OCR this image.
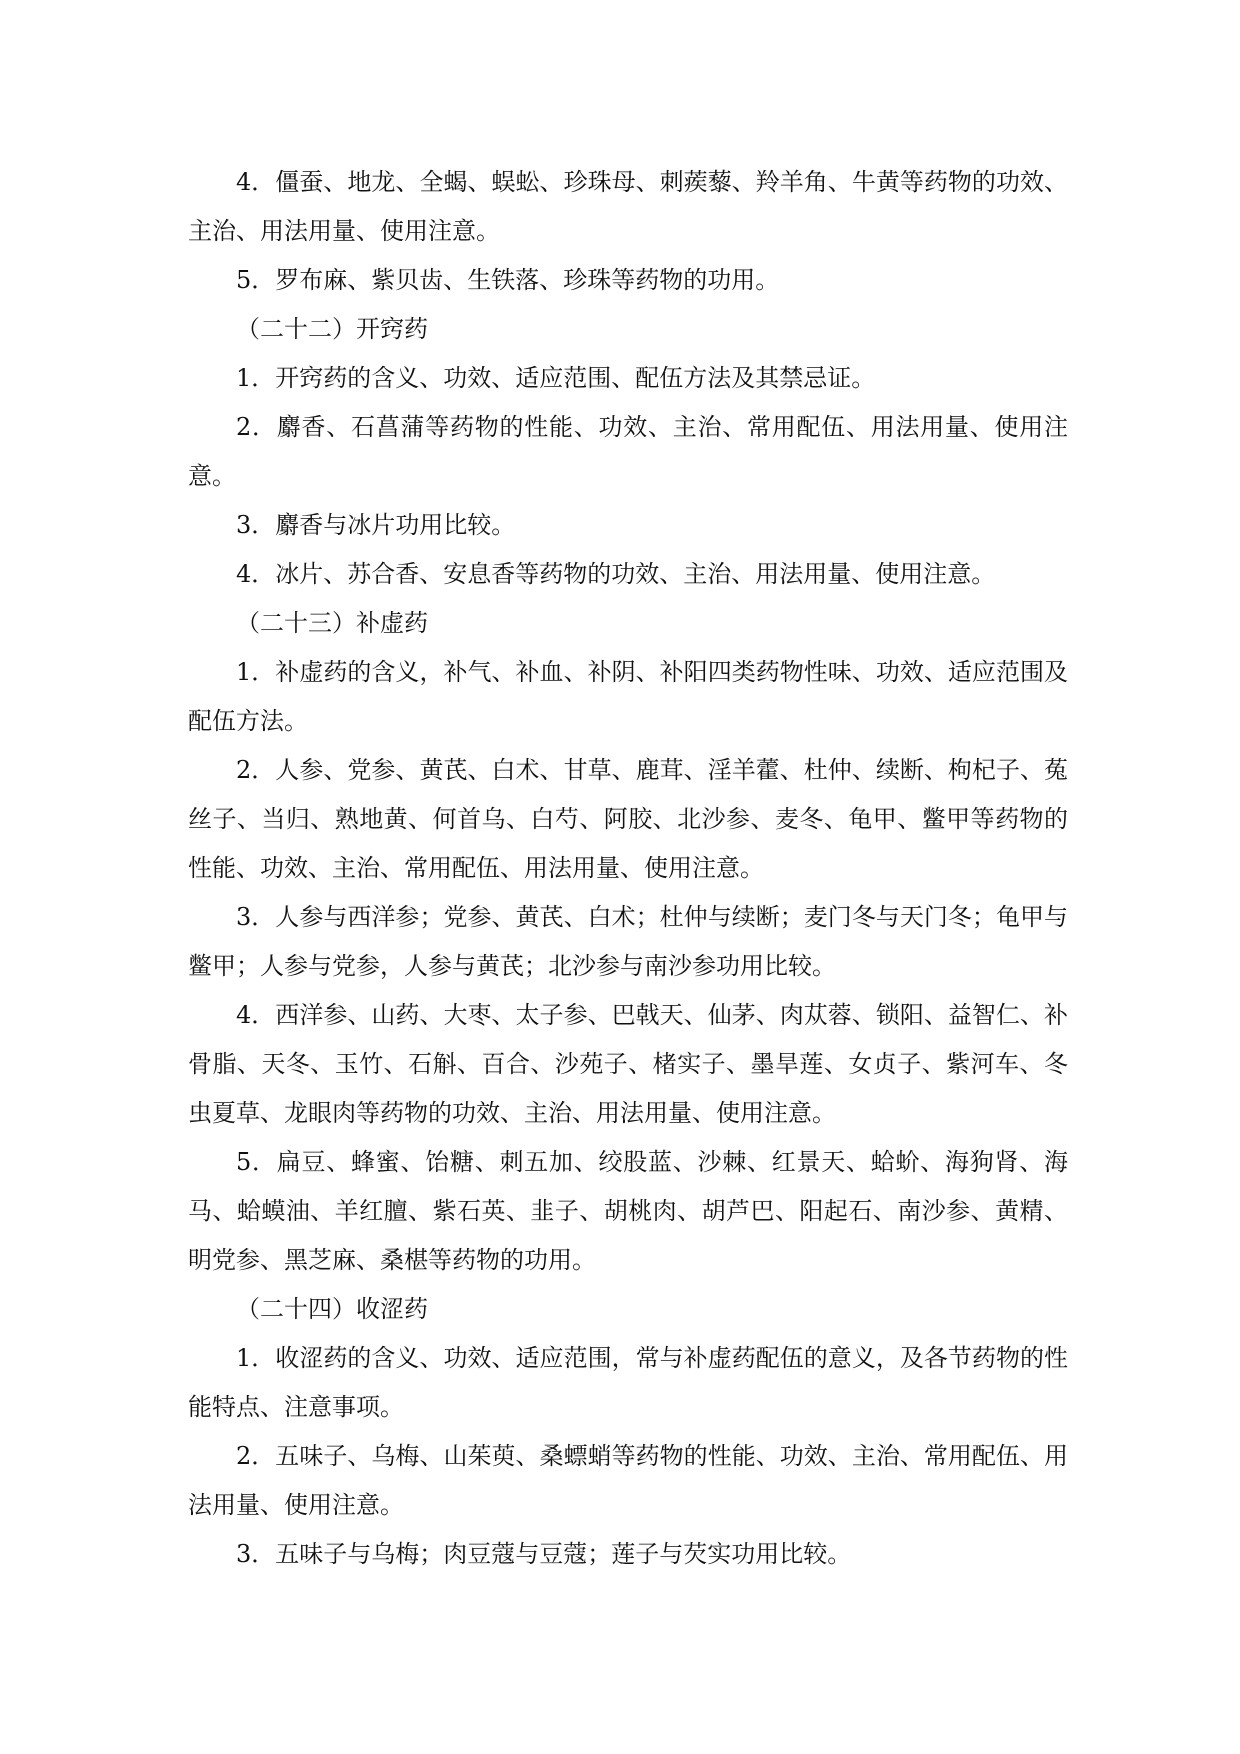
4．僵蚕、地龙、全蝎、蜈蚣、珍珠母、刺蒺藜、羚羊角、牛黄等药物的功效、主治、用法用量、使用注意。

5．罗布麻、紫贝齿、生铁落、珍珠等药物的功用。

（二十二）开窍药

1．开窍药的含义、功效、适应范围、配伍方法及其禁忌证。

2．麝香、石菖蒲等药物的性能、功效、主治、常用配伍、用法用量、使用注意。

3．麝香与冰片功用比较。

4．冰片、苏合香、安息香等药物的功效、主治、用法用量、使用注意。

（二十三）补虚药

1．补虚药的含义，补气、补血、补阴、补阳四类药物性味、功效、适应范围及配伍方法。

2．人参、党参、黄芪、白术、甘草、鹿茸、淫羊藿、杜仲、续断、枸杞子、菟丝子、当归、熟地黄、何首乌、白芍、阿胶、北沙参、麦冬、龟甲、鳖甲等药物的性能、功效、主治、常用配伍、用法用量、使用注意。

3．人参与西洋参；党参、黄芪、白术；杜仲与续断；麦门冬与天门冬；龟甲与鳖甲；人参与党参，人参与黄芪；北沙参与南沙参功用比较。

4．西洋参、山药、大枣、太子参、巴戟天、仙茅、肉苁蓉、锁阳、益智仁、补骨脂、天冬、玉竹、石斛、百合、沙苑子、楮实子、墨旱莲、女贞子、紫河车、冬虫夏草、龙眼肉等药物的功效、主治、用法用量、使用注意。

5．扁豆、蜂蜜、饴糖、刺五加、绞股蓝、沙棘、红景天、蛤蚧、海狗肾、海马、蛤蟆油、羊红膻、紫石英、韭子、胡桃肉、胡芦巴、阳起石、南沙参、黄精、明党参、黑芝麻、桑椹等药物的功用。

（二十四）收涩药

1．收涩药的含义、功效、适应范围，常与补虚药配伍的意义，及各节药物的性能特点、注意事项。

2．五味子、乌梅、山茱萸、桑螵蛸等药物的性能、功效、主治、常用配伍、用法用量、使用注意。

3．五味子与乌梅；肉豆蔻与豆蔻；莲子与芡实功用比较。
